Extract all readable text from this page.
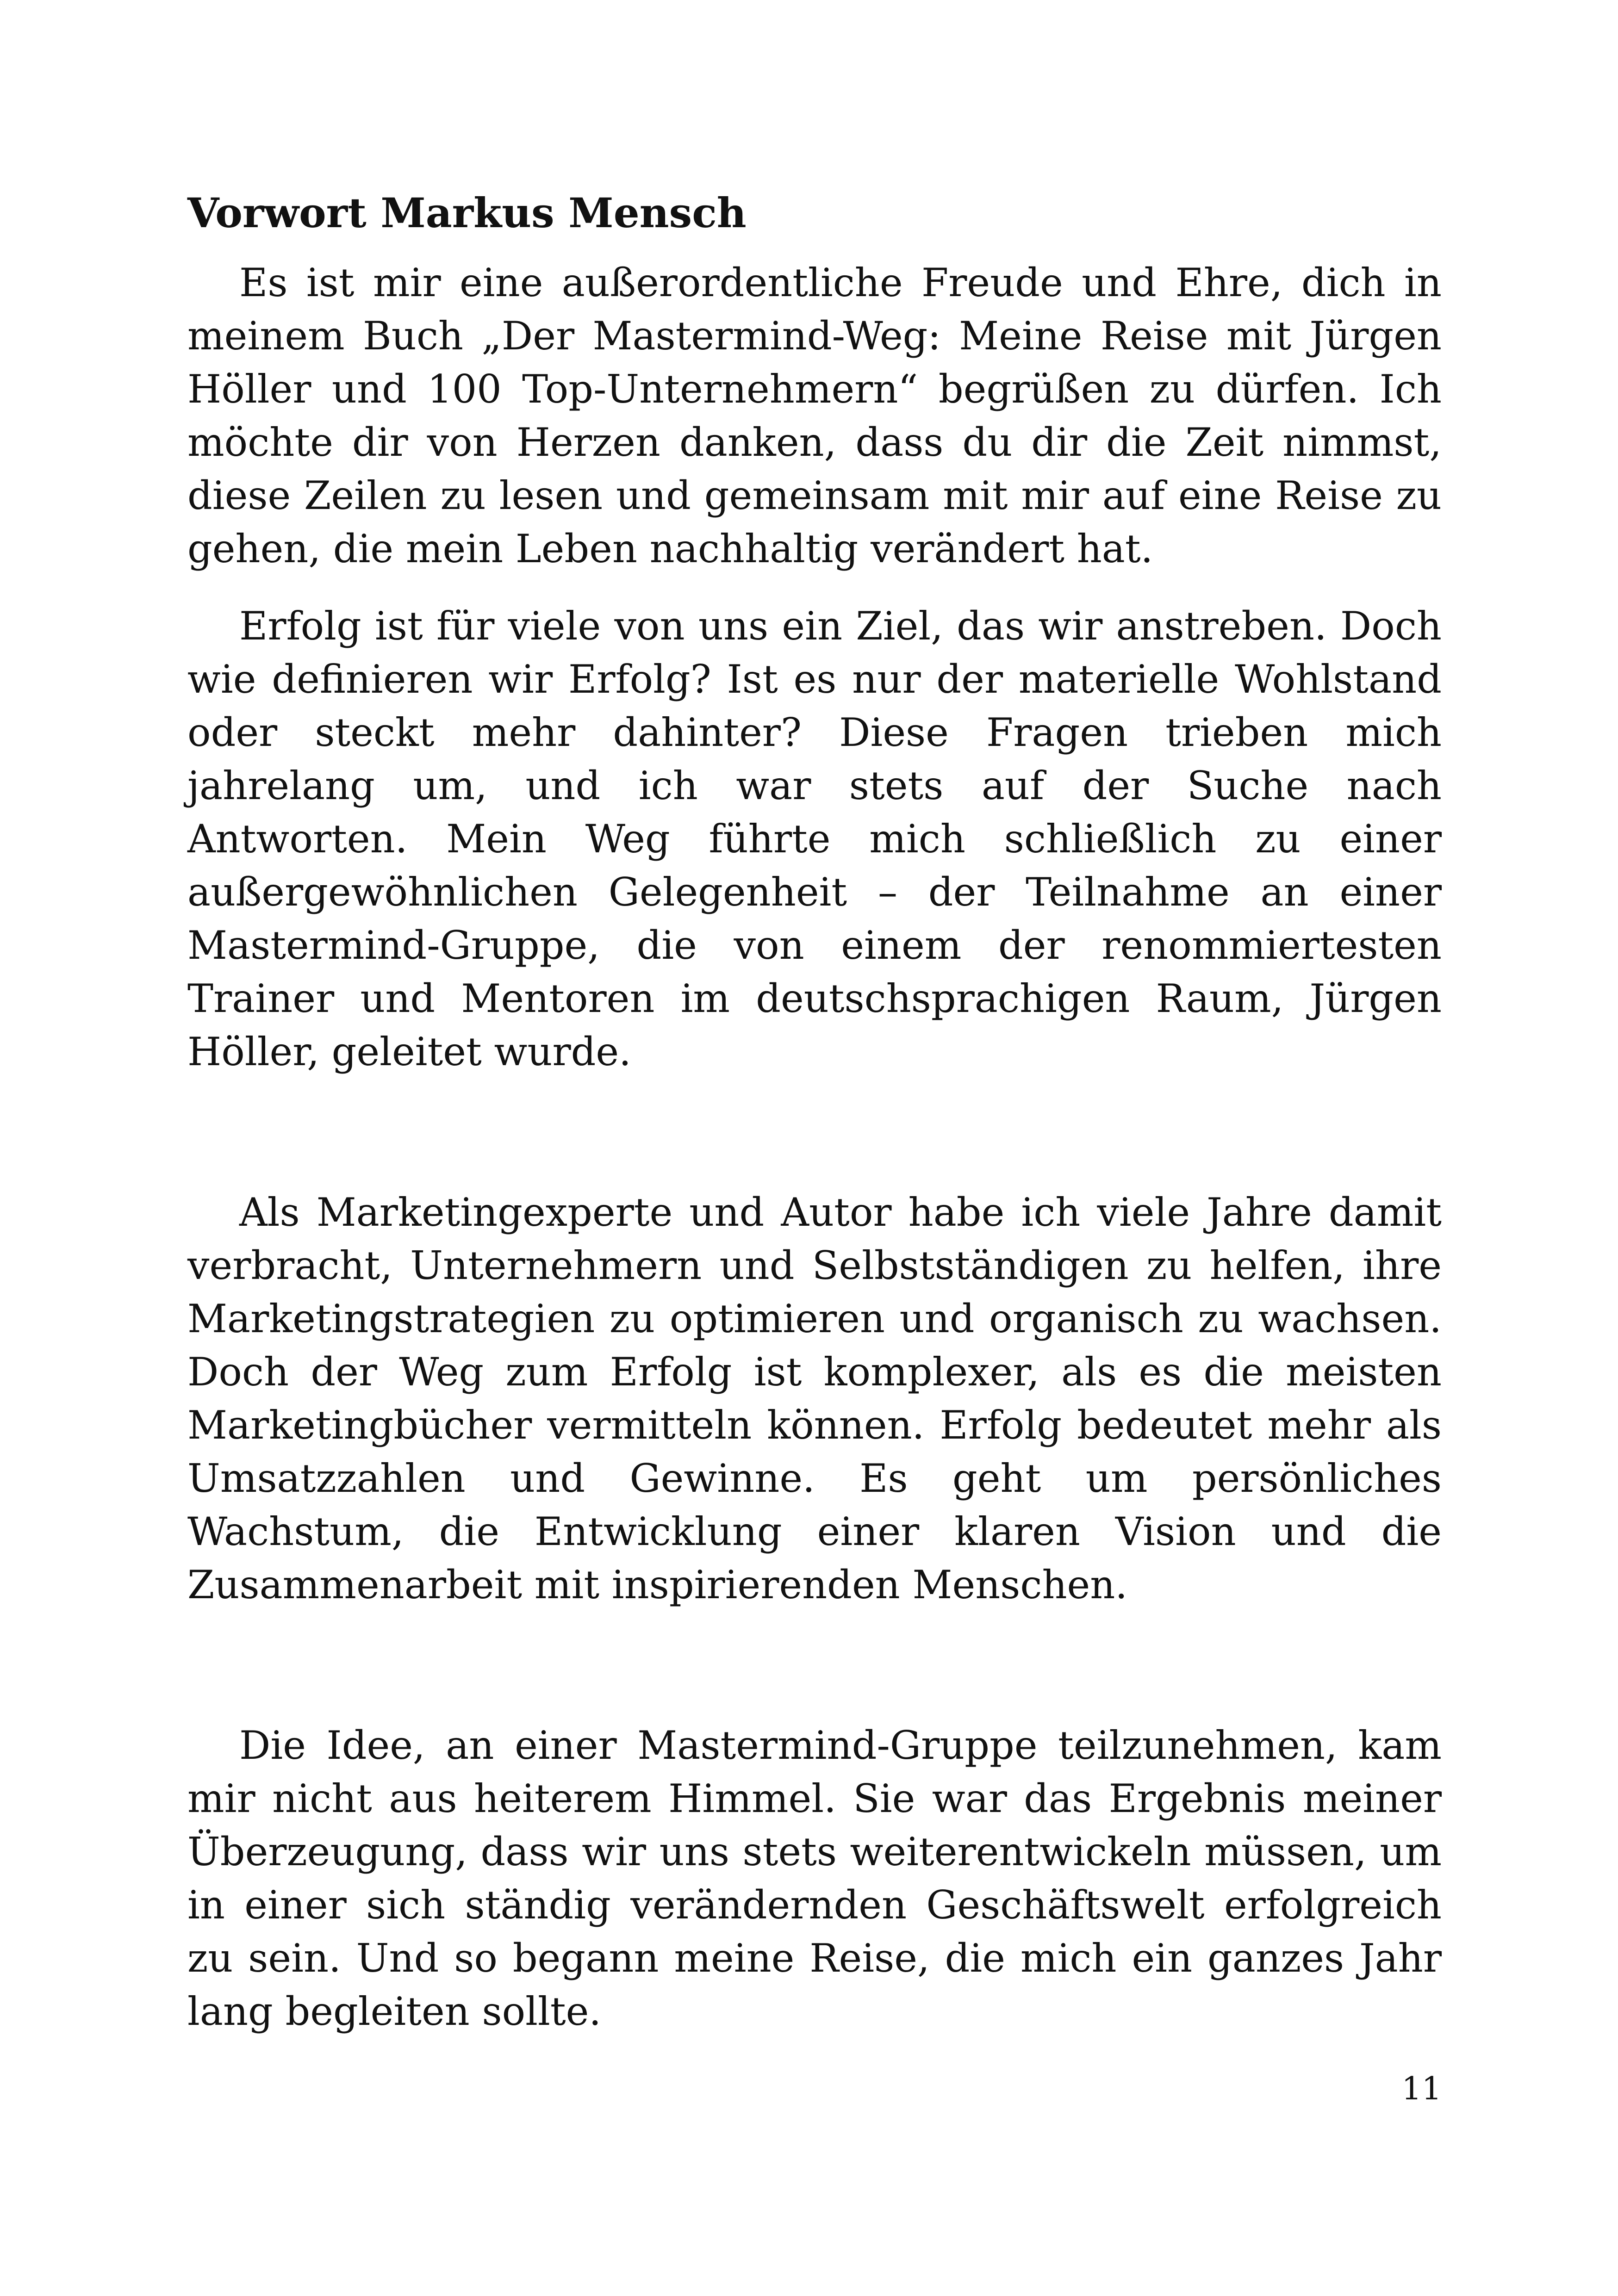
Vorwort Markus Mensch

Es ist mir eine außerordentliche Freude und Ehre, dich in meinem Buch „Der Mastermind-Weg: Meine Reise mit Jürgen Höller und 100 Top-Unternehmern“ begrüßen zu dürfen. Ich möchte dir von Herzen danken, dass du dir die Zeit nimmst, diese Zeilen zu lesen und gemeinsam mit mir auf eine Reise zu gehen, die mein Leben nachhaltig verändert hat.

Erfolg ist für viele von uns ein Ziel, das wir anstreben. Doch wie definieren wir Erfolg? Ist es nur der materielle Wohlstand oder steckt mehr dahinter? Diese Fragen trieben mich jahrelang um, und ich war stets auf der Suche nach Antworten. Mein Weg führte mich schließlich zu einer außergewöhnlichen Gelegenheit – der Teilnahme an einer Mastermind-Gruppe, die von einem der renommiertesten Trainer und Mentoren im deutschsprachigen Raum, Jürgen Höller, geleitet wurde.

Als Marketingexperte und Autor habe ich viele Jahre damit verbracht, Unternehmern und Selbstständigen zu helfen, ihre Marketingstrategien zu optimieren und organisch zu wachsen. Doch der Weg zum Erfolg ist komplexer, als es die meisten Marketingbücher vermitteln können. Erfolg bedeutet mehr als Umsatzzahlen und Gewinne. Es geht um persönliches Wachstum, die Entwicklung einer klaren Vision und die Zusammenarbeit mit inspirierenden Menschen.

Die Idee, an einer Mastermind-Gruppe teilzunehmen, kam mir nicht aus heiterem Himmel. Sie war das Ergebnis meiner Überzeugung, dass wir uns stets weiterentwickeln müssen, um in einer sich ständig verändernden Geschäftswelt erfolgreich zu sein. Und so begann meine Reise, die mich ein ganzes Jahr lang begleiten sollte.

11
